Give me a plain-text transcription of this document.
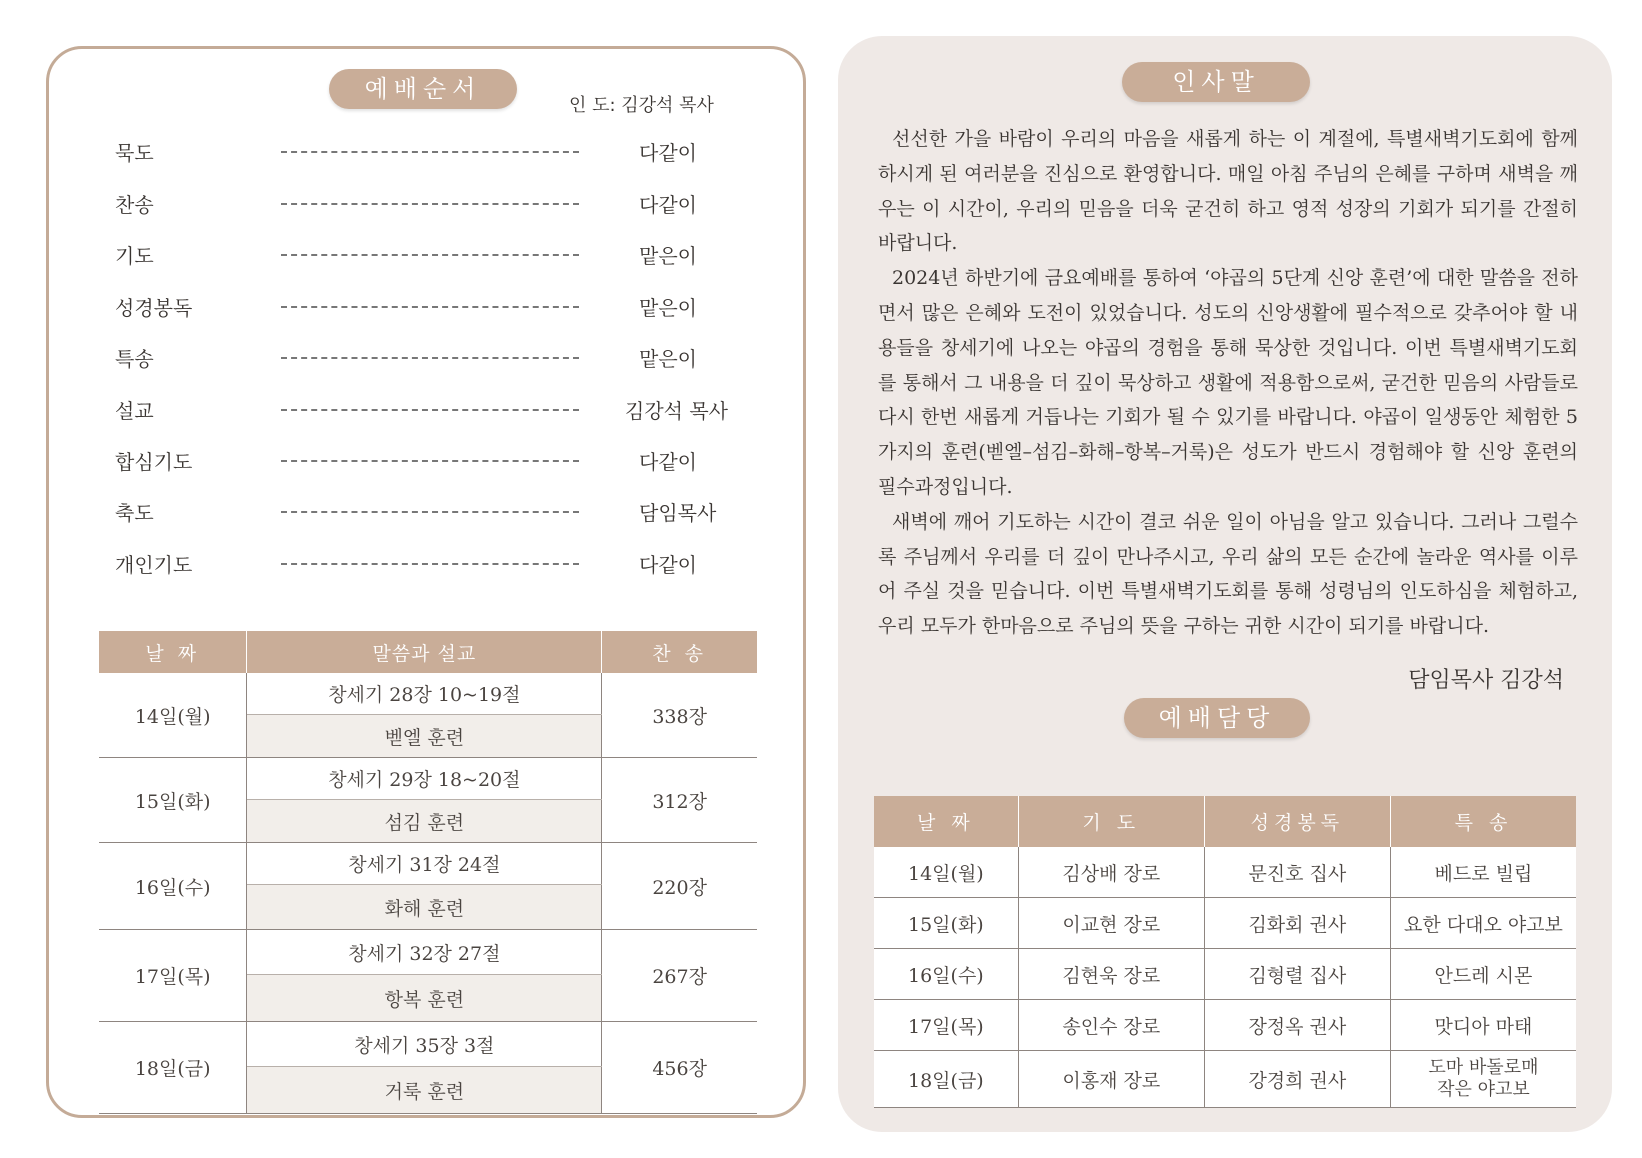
예배순서
인 도: 김강석 목사
묵도	다같이
찬송	다같이
기도	맡은이
성경봉독	맡은이
특송	맡은이
설교	김강석 목사
합심기도	다같이
축도	담임목사
개인기도	다같이
날 짜	말씀과 설교	찬 송
14일(월)	창세기 28장 10~19절	338장
	벧엘 훈련	
15일(화)	창세기 29장 18~20절	312장
	섬김 훈련	
16일(수)	창세기 31장 24절	220장
	화해 훈련	
17일(목)	창세기 32장 27절	267장
	항복 훈련	
18일(금)	창세기 35장 3절	456장
	거룩 훈련	
인사말

선선한 가을 바람이 우리의 마음을 새롭게 하는 이 계절에, 특별새벽기도회에 함께하시게 된 여러분을 진심으로 환영합니다. 매일 아침 주님의 은혜를 구하며 새벽을 깨우는 이 시간이, 우리의 믿음을 더욱 굳건히 하고 영적 성장의 기회가 되기를 간절히 바랍니다.

2024년 하반기에 금요예배를 통하여 ‘야곱의 5단계 신앙 훈련’에 대한 말씀을 전하면서 많은 은혜와 도전이 있었습니다. 성도의 신앙생활에 필수적으로 갖추어야 할 내용들을 창세기에 나오는 야곱의 경험을 통해 묵상한 것입니다. 이번 특별새벽기도회를 통해서 그 내용을 더 깊이 묵상하고 생활에 적용함으로써, 굳건한 믿음의 사람들로 다시 한번 새롭게 거듭나는 기회가 될 수 있기를 바랍니다. 야곱이 일생동안 체험한 5가지의 훈련(벧엘–섬김–화해–항복–거룩)은 성도가 반드시 경험해야 할 신앙 훈련의 필수과정입니다.

새벽에 깨어 기도하는 시간이 결코 쉬운 일이 아님을 알고 있습니다. 그러나 그럴수록 주님께서 우리를 더 깊이 만나주시고, 우리 삶의 모든 순간에 놀라운 역사를 이루어 주실 것을 믿습니다. 이번 특별새벽기도회를 통해 성령님의 인도하심을 체험하고, 우리 모두가 한마음으로 주님의 뜻을 구하는 귀한 시간이 되기를 바랍니다.

담임목사 김강석
예배담당
날 짜	기 도	성경봉독	특 송
14일(월)	김상배 장로	문진호 집사	베드로 빌립
15일(화)	이교현 장로	김화회 권사	요한 다대오 야고보
16일(수)	김현욱 장로	김형렬 집사	안드레 시몬
17일(목)	송인수 장로	장정옥 권사	맛디아 마태
18일(금)	이홍재 장로	강경희 권사	도마 바돌로매
작은 야고보
